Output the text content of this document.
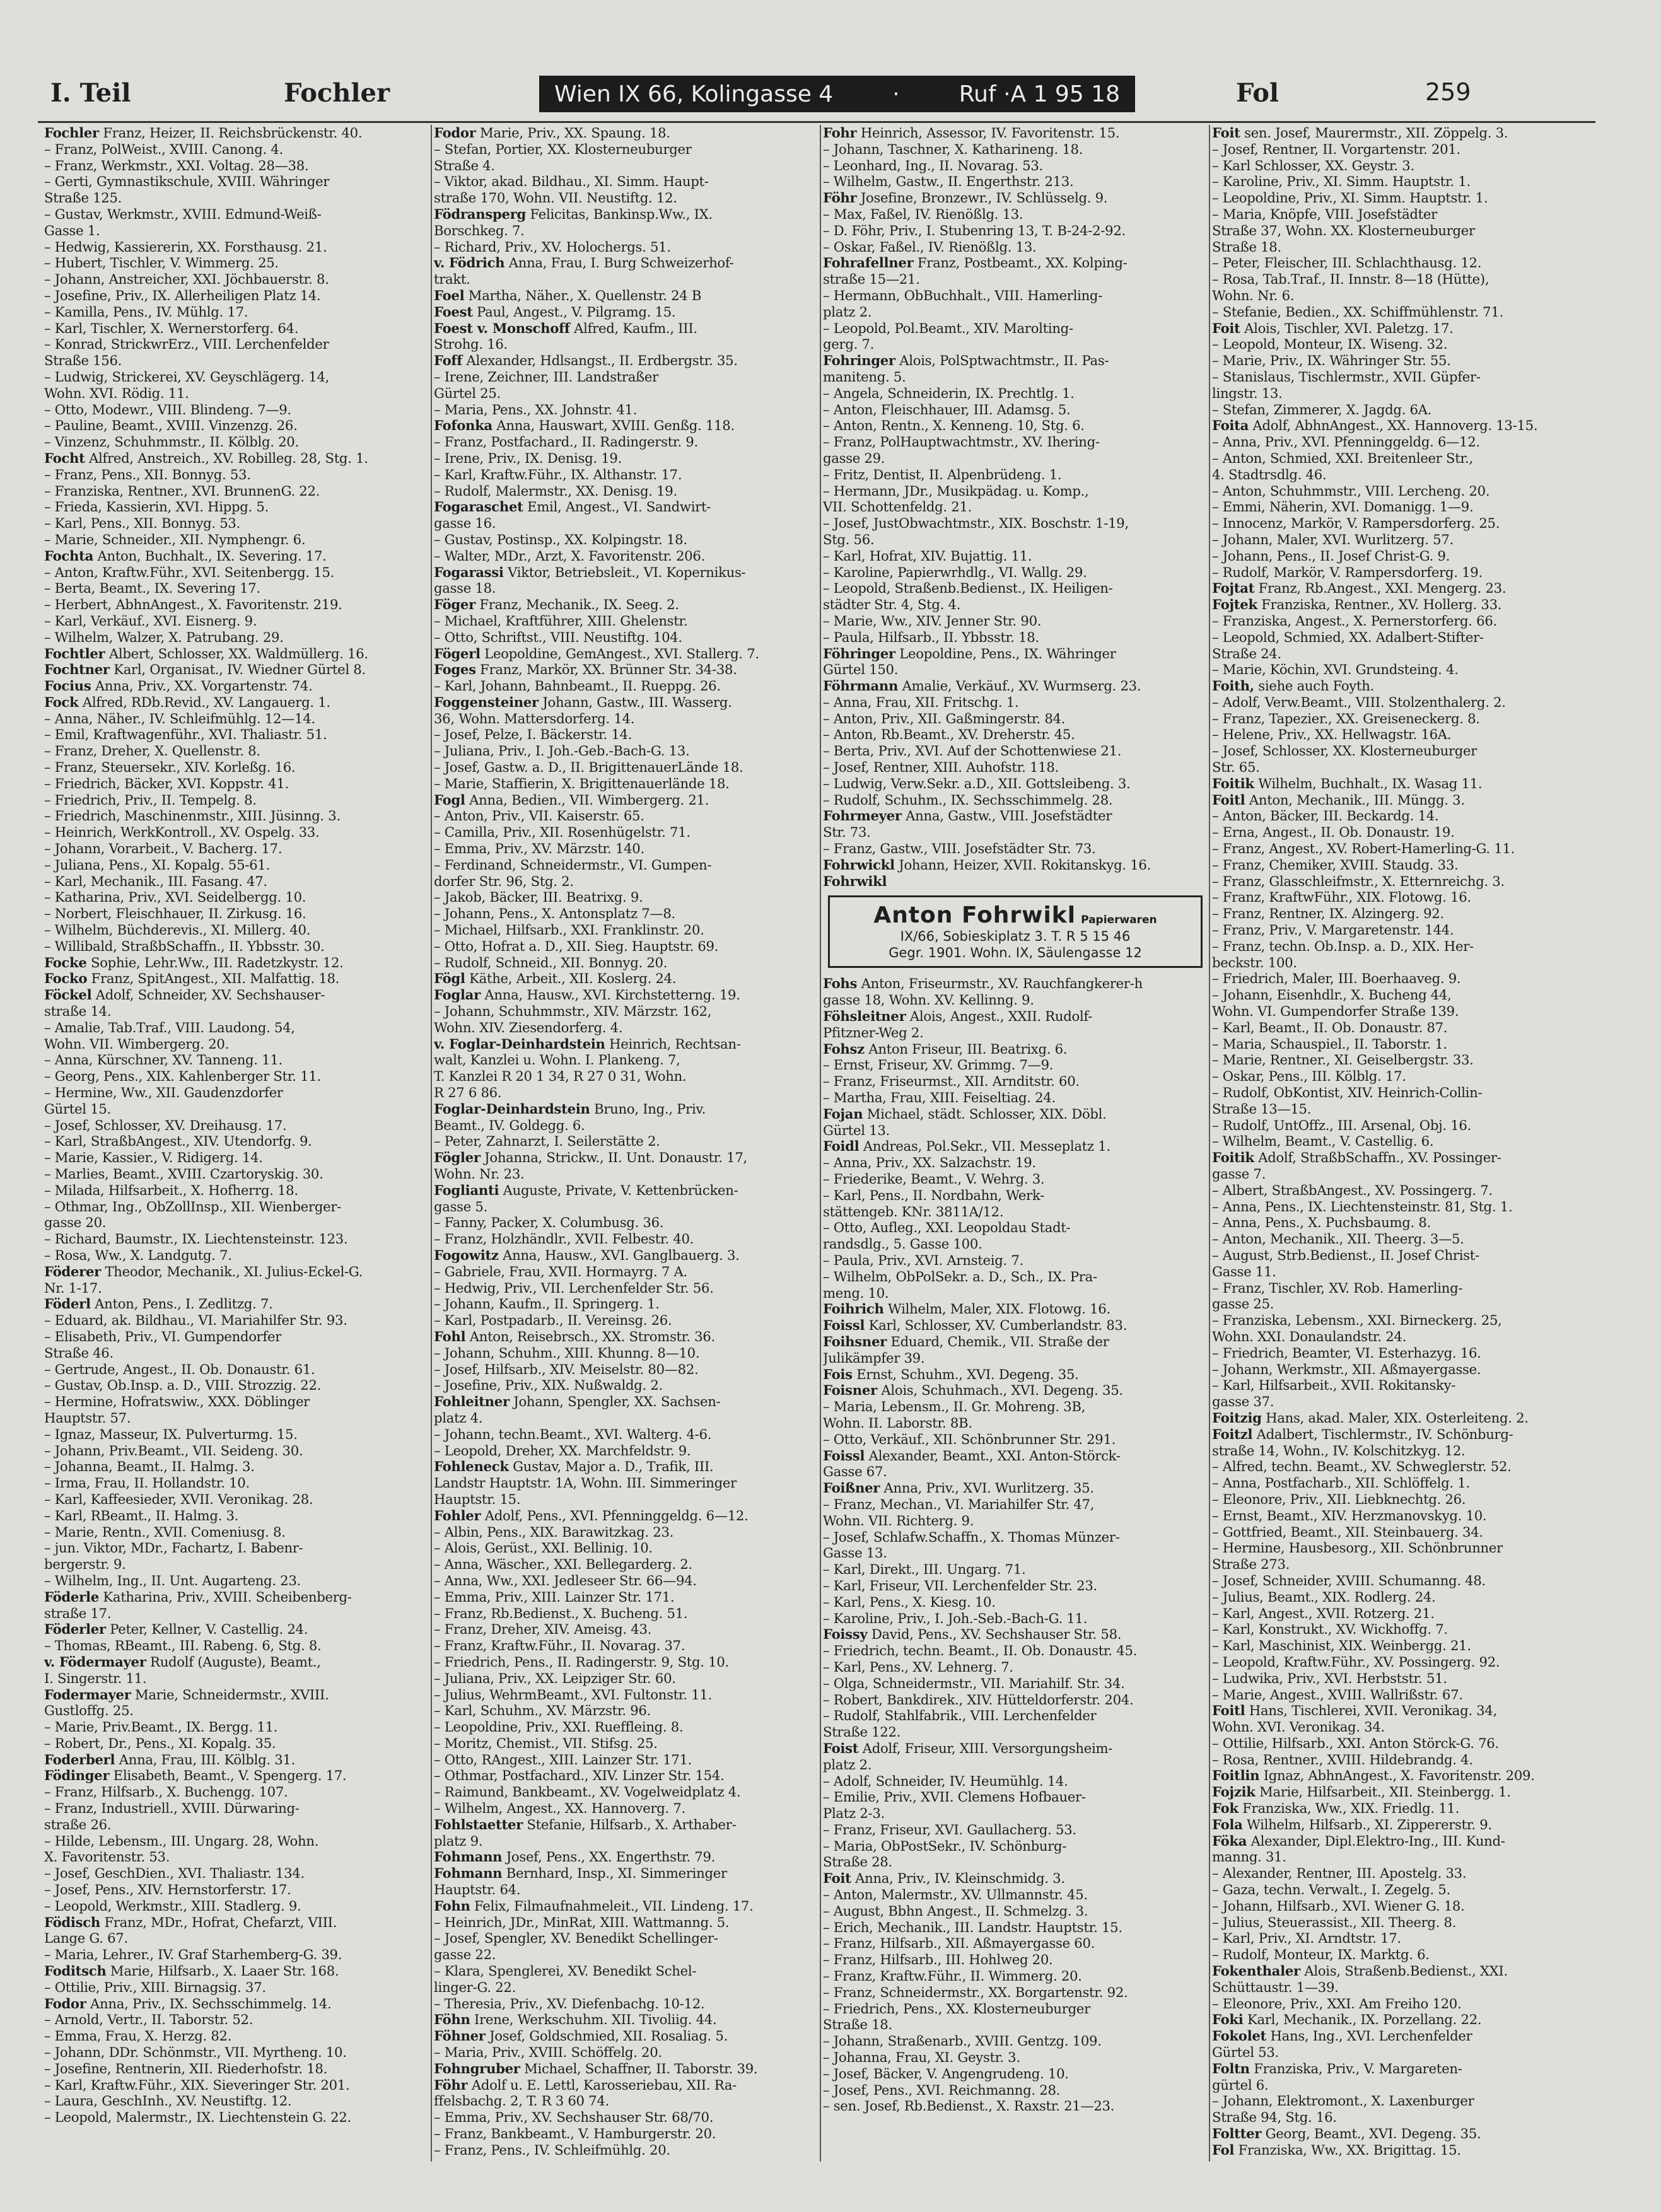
I. Teil	Fochler	Wien IX 66, Kolingasse 4	·	Ruf ·A 1 95 18	Fol	259
Fochler Franz, Heizer, II. Reichsbrückenstr. 40.
– Franz, PolWeist., XVIII. Canong. 4.
– Franz, Werkmstr., XXI. Voltag. 28—38.
– Gerti, Gymnastikschule, XVIII. Währinger
Straße 125.
– Gustav, Werkmstr., XVIII. Edmund-Weiß-
Gasse 1.
– Hedwig, Kassiererin, XX. Forsthausg. 21.
– Hubert, Tischler, V. Wimmerg. 25.
– Johann, Anstreicher, XXI. Jöchbauerstr. 8.
– Josefine, Priv., IX. Allerheiligen Platz 14.
– Kamilla, Pens., IV. Mühlg. 17.
– Karl, Tischler, X. Wernerstorferg. 64.
– Konrad, StrickwrErz., VIII. Lerchenfelder
Straße 156.
– Ludwig, Strickerei, XV. Geyschlägerg. 14,
Wohn. XVI. Rödig. 11.
– Otto, Modewr., VIII. Blindeng. 7—9.
– Pauline, Beamt., XVIII. Vinzenzg. 26.
– Vinzenz, Schuhmmstr., II. Kölblg. 20.
Focht Alfred, Anstreich., XV. Robilleg. 28, Stg. 1.
– Franz, Pens., XII. Bonnyg. 53.
– Franziska, Rentner., XVI. BrunnenG. 22.
– Frieda, Kassierin, XVI. Hippg. 5.
– Karl, Pens., XII. Bonnyg. 53.
– Marie, Schneider., XII. Nymphengr. 6.
Fochta Anton, Buchhalt., IX. Severing. 17.
– Anton, Kraftw.Führ., XVI. Seitenbergg. 15.
– Berta, Beamt., IX. Severing 17.
– Herbert, AbhnAngest., X. Favoritenstr. 219.
– Karl, Verkäuf., XVI. Eisnerg. 9.
– Wilhelm, Walzer, X. Patrubang. 29.
Fochtler Albert, Schlosser, XX. Waldmüllerg. 16.
Fochtner Karl, Organisat., IV. Wiedner Gürtel 8.
Focius Anna, Priv., XX. Vorgartenstr. 74.
Fock Alfred, RDb.Revid., XV. Langauerg. 1.
– Anna, Näher., IV. Schleifmühlg. 12—14.
– Emil, Kraftwagenführ., XVI. Thaliastr. 51.
– Franz, Dreher, X. Quellenstr. 8.
– Franz, Steuersekr., XIV. Korleßg. 16.
– Friedrich, Bäcker, XVI. Koppstr. 41.
– Friedrich, Priv., II. Tempelg. 8.
– Friedrich, Maschinenmstr., XIII. Jüsinng. 3.
– Heinrich, WerkKontroll., XV. Ospelg. 33.
– Johann, Vorarbeit., V. Bacherg. 17.
– Juliana, Pens., XI. Kopalg. 55-61.
– Karl, Mechanik., III. Fasang. 47.
– Katharina, Priv., XVI. Seidelbergg. 10.
– Norbert, Fleischhauer, II. Zirkusg. 16.
– Wilhelm, Büchderevis., XI. Millerg. 40.
– Willibald, StraßbSchaffn., II. Ybbsstr. 30.
Focke Sophie, Lehr.Ww., III. Radetzkystr. 12.
Focko Franz, SpitAngest., XII. Malfattig. 18.
Föckel Adolf, Schneider, XV. Sechshauser-
straße 14.
– Amalie, Tab.Traf., VIII. Laudong. 54,
Wohn. VII. Wimbergerg. 20.
– Anna, Kürschner, XV. Tanneng. 11.
– Georg, Pens., XIX. Kahlenberger Str. 11.
– Hermine, Ww., XII. Gaudenzdorfer
Gürtel 15.
– Josef, Schlosser, XV. Dreihausg. 17.
– Karl, StraßbAngest., XIV. Utendorfg. 9.
– Marie, Kassier., V. Ridigerg. 14.
– Marlies, Beamt., XVIII. Czartoryskig. 30.
– Milada, Hilfsarbeit., X. Hofherrg. 18.
– Othmar, Ing., ObZollInsp., XII. Wienberger-
gasse 20.
– Richard, Baumstr., IX. Liechtensteinstr. 123.
– Rosa, Ww., X. Landgutg. 7.
Föderer Theodor, Mechanik., XI. Julius-Eckel-G.
Nr. 1-17.
Föderl Anton, Pens., I. Zedlitzg. 7.
– Eduard, ak. Bildhau., VI. Mariahilfer Str. 93.
– Elisabeth, Priv., VI. Gumpendorfer
Straße 46.
– Gertrude, Angest., II. Ob. Donaustr. 61.
– Gustav, Ob.Insp. a. D., VIII. Strozzig. 22.
– Hermine, Hofratswiw., XXX. Döblinger
Hauptstr. 57.
– Ignaz, Masseur, IX. Pulverturmg. 15.
– Johann, Priv.Beamt., VII. Seideng. 30.
– Johanna, Beamt., II. Halmg. 3.
– Irma, Frau, II. Hollandstr. 10.
– Karl, Kaffeesieder, XVII. Veronikag. 28.
– Karl, RBeamt., II. Halmg. 3.
– Marie, Rentn., XVII. Comeniusg. 8.
– jun. Viktor, MDr., Fachartz, I. Babenr-
bergerstr. 9.
– Wilhelm, Ing., II. Unt. Augarteng. 23.
Föderle Katharina, Priv., XVIII. Scheibenberg-
straße 17.
Föderler Peter, Kellner, V. Castellig. 24.
– Thomas, RBeamt., III. Rabeng. 6, Stg. 8.
v. Födermayer Rudolf (Auguste), Beamt.,
I. Singerstr. 11.
Fodermayer Marie, Schneidermstr., XVIII.
Gustloffg. 25.
– Marie, Priv.Beamt., IX. Bergg. 11.
– Robert, Dr., Pens., XI. Kopalg. 35.
Foderberl Anna, Frau, III. Kölblg. 31.
Födinger Elisabeth, Beamt., V. Spengerg. 17.
– Franz, Hilfsarb., X. Buchengg. 107.
– Franz, Industriell., XVIII. Dürwaring-
straße 26.
– Hilde, Lebensm., III. Ungarg. 28, Wohn.
X. Favoritenstr. 53.
– Josef, GeschDien., XVI. Thaliastr. 134.
– Josef, Pens., XIV. Hernstorferstr. 17.
– Leopold, Werkmstr., XIII. Stadlerg. 9.
Födisch Franz, MDr., Hofrat, Chefarzt, VIII.
Lange G. 67.
– Maria, Lehrer., IV. Graf Starhemberg-G. 39.
Foditsch Marie, Hilfsarb., X. Laaer Str. 168.
– Ottilie, Priv., XIII. Birnagsig. 37.
Fodor Anna, Priv., IX. Sechsschimmelg. 14.
– Arnold, Vertr., II. Taborstr. 52.
– Emma, Frau, X. Herzg. 82.
– Johann, DDr. Schönmstr., VII. Myrtheng. 10.
– Josefine, Rentnerin, XII. Riederhofstr. 18.
– Karl, Kraftw.Führ., XIX. Sieveringer Str. 201.
– Laura, GeschInh., XV. Neustiftg. 12.
– Leopold, Malermstr., IX. Liechtenstein G. 22.
Fodor Marie, Priv., XX. Spaung. 18.
– Stefan, Portier, XX. Klosterneuburger
Straße 4.
– Viktor, akad. Bildhau., XI. Simm. Haupt-
straße 170, Wohn. VII. Neustiftg. 12.
Födransperg Felicitas, Bankinsp.Ww., IX.
Borschkeg. 7.
– Richard, Priv., XV. Holochergs. 51.
v. Födrich Anna, Frau, I. Burg Schweizerhof-
trakt.
Foel Martha, Näher., X. Quellenstr. 24 B
Foest Paul, Angest., V. Pilgramg. 15.
Foest v. Monschoff Alfred, Kaufm., III.
Strohg. 16.
Foff Alexander, Hdlsangst., II. Erdbergstr. 35.
– Irene, Zeichner, III. Landstraßer
Gürtel 25.
– Maria, Pens., XX. Johnstr. 41.
Fofonka Anna, Hauswart, XVIII. Genßg. 118.
– Franz, Postfachard., II. Radingerstr. 9.
– Irene, Priv., IX. Denisg. 19.
– Karl, Kraftw.Führ., IX. Althanstr. 17.
– Rudolf, Malermstr., XX. Denisg. 19.
Fogaraschet Emil, Angest., VI. Sandwirt-
gasse 16.
– Gustav, Postinsp., XX. Kolpingstr. 18.
– Walter, MDr., Arzt, X. Favoritenstr. 206.
Fogarassi Viktor, Betriebsleit., VI. Kopernikus-
gasse 18.
Föger Franz, Mechanik., IX. Seeg. 2.
– Michael, Kraftführer, XIII. Ghelenstr.
– Otto, Schriftst., VIII. Neustiftg. 104.
Fögerl Leopoldine, GemAngest., XVI. Stallerg. 7.
Foges Franz, Markör, XX. Brünner Str. 34-38.
– Karl, Johann, Bahnbeamt., II. Rueppg. 26.
Foggensteiner Johann, Gastw., III. Wasserg.
36, Wohn. Mattersdorferg. 14.
– Josef, Pelze, I. Bäckerstr. 14.
– Juliana, Priv., I. Joh.-Geb.-Bach-G. 13.
– Josef, Gastw. a. D., II. BrigittenauerLände 18.
– Marie, Staffierin, X. Brigittenauerlände 18.
Fogl Anna, Bedien., VII. Wimbergerg. 21.
– Anton, Priv., VII. Kaiserstr. 65.
– Camilla, Priv., XII. Rosenhügelstr. 71.
– Emma, Priv., XV. Märzstr. 140.
– Ferdinand, Schneidermstr., VI. Gumpen-
dorfer Str. 96, Stg. 2.
– Jakob, Bäcker, III. Beatrixg. 9.
– Johann, Pens., X. Antonsplatz 7—8.
– Michael, Hilfsarb., XXI. Franklinstr. 20.
– Otto, Hofrat a. D., XII. Sieg. Hauptstr. 69.
– Rudolf, Schneid., XII. Bonnyg. 20.
Fögl Käthe, Arbeit., XII. Koslerg. 24.
Foglar Anna, Hausw., XVI. Kirchstetterng. 19.
– Johann, Schuhmmstr., XIV. Märzstr. 162,
Wohn. XIV. Ziesendorferg. 4.
v. Foglar-Deinhardstein Heinrich, Rechtsan-
walt, Kanzlei u. Wohn. I. Plankeng. 7,
T. Kanzlei R 20 1 34, R 27 0 31, Wohn.
R 27 6 86.
Foglar-Deinhardstein Bruno, Ing., Priv.
Beamt., IV. Goldegg. 6.
– Peter, Zahnarzt, I. Seilerstätte 2.
Fögler Johanna, Strickw., II. Unt. Donaustr. 17,
Wohn. Nr. 23.
Foglianti Auguste, Private, V. Kettenbrücken-
gasse 5.
– Fanny, Packer, X. Columbusg. 36.
– Franz, Holzhändlr., XVII. Felbestr. 40.
Fogowitz Anna, Hausw., XVI. Ganglbauerg. 3.
– Gabriele, Frau, XVII. Hormayrg. 7 A.
– Hedwig, Priv., VII. Lerchenfelder Str. 56.
– Johann, Kaufm., II. Springerg. 1.
– Karl, Postpadarb., II. Vereinsg. 26.
Fohl Anton, Reisebrsch., XX. Stromstr. 36.
– Johann, Schuhm., XIII. Khunng. 8—10.
– Josef, Hilfsarb., XIV. Meiselstr. 80—82.
– Josefine, Priv., XIX. Nußwaldg. 2.
Fohleitner Johann, Spengler, XX. Sachsen-
platz 4.
– Johann, techn.Beamt., XVI. Walterg. 4-6.
– Leopold, Dreher, XX. Marchfeldstr. 9.
Fohleneck Gustav, Major a. D., Trafik, III.
Landstr Hauptstr. 1A, Wohn. III. Simmeringer
Hauptstr. 15.
Fohler Adolf, Pens., XVI. Pfenninggeldg. 6—12.
– Albin, Pens., XIX. Barawitzkag. 23.
– Alois, Gerüst., XXI. Bellinig. 10.
– Anna, Wäscher., XXI. Bellegarderg. 2.
– Anna, Ww., XXI. Jedleseer Str. 66—94.
– Emma, Priv., XIII. Lainzer Str. 171.
– Franz, Rb.Bedienst., X. Bucheng. 51.
– Franz, Dreher, XIV. Ameisg. 43.
– Franz, Kraftw.Führ., II. Novarag. 37.
– Friedrich, Pens., II. Radingerstr. 9, Stg. 10.
– Juliana, Priv., XX. Leipziger Str. 60.
– Julius, WehrmBeamt., XVI. Fultonstr. 11.
– Karl, Schuhm., XV. Märzstr. 96.
– Leopoldine, Priv., XXI. Rueffleing. 8.
– Moritz, Chemist., VII. Stifsg. 25.
– Otto, RAngest., XIII. Lainzer Str. 171.
– Othmar, Postfachard., XIV. Linzer Str. 154.
– Raimund, Bankbeamt., XV. Vogelweidplatz 4.
– Wilhelm, Angest., XX. Hannoverg. 7.
Fohlstaetter Stefanie, Hilfsarb., X. Arthaber-
platz 9.
Fohmann Josef, Pens., XX. Engerthstr. 79.
Fohmann Bernhard, Insp., XI. Simmeringer
Hauptstr. 64.
Fohn Felix, Filmaufnahmeleit., VII. Lindeng. 17.
– Heinrich, JDr., MinRat, XIII. Wattmanng. 5.
– Josef, Spengler, XV. Benedikt Schellinger-
gasse 22.
– Klara, Spenglerei, XV. Benedikt Schel-
linger-G. 22.
– Theresia, Priv., XV. Diefenbachg. 10-12.
Föhn Irene, Werkschuhm. XII. Tivoliig. 44.
Föhner Josef, Goldschmied, XII. Rosaliag. 5.
– Maria, Priv., XVIII. Schöffelg. 20.
Fohngruber Michael, Schaffner, II. Taborstr. 39.
Föhr Adolf u. E. Lettl, Karosseriebau, XII. Ra-
ffelsbachg. 2, T. R 3 60 74.
– Emma, Priv., XV. Sechshauser Str. 68/70.
– Franz, Bankbeamt., V. Hamburgerstr. 20.
– Franz, Pens., IV. Schleifmühlg. 20.
Fohr Heinrich, Assessor, IV. Favoritenstr. 15.
– Johann, Taschner, X. Katharineng. 18.
– Leonhard, Ing., II. Novarag. 53.
– Wilhelm, Gastw., II. Engerthstr. 213.
Föhr Josefine, Bronzewr., IV. Schlüsselg. 9.
– Max, Faßel, IV. Rienößlg. 13.
– D. Föhr, Priv., I. Stubenring 13, T. B-24-2-92.
– Oskar, Faßel., IV. Rienößlg. 13.
Fohrafellner Franz, Postbeamt., XX. Kolping-
straße 15—21.
– Hermann, ObBuchhalt., VIII. Hamerling-
platz 2.
– Leopold, Pol.Beamt., XIV. Marolting-
gerg. 7.
Fohringer Alois, PolSptwachtmstr., II. Pas-
maniteng. 5.
– Angela, Schneiderin, IX. Prechtlg. 1.
– Anton, Fleischhauer, III. Adamsg. 5.
– Anton, Rentn., X. Kenneng. 10, Stg. 6.
– Franz, PolHauptwachtmstr., XV. Ihering-
gasse 29.
– Fritz, Dentist, II. Alpenbrüdeng. 1.
– Hermann, JDr., Musikpädag. u. Komp.,
VII. Schottenfeldg. 21.
– Josef, JustObwachtmstr., XIX. Boschstr. 1-19,
Stg. 56.
– Karl, Hofrat, XIV. Bujattig. 11.
– Karoline, Papierwrhdlg., VI. Wallg. 29.
– Leopold, Straßenb.Bedienst., IX. Heiligen-
städter Str. 4, Stg. 4.
– Marie, Ww., XIV. Jenner Str. 90.
– Paula, Hilfsarb., II. Ybbsstr. 18.
Föhringer Leopoldine, Pens., IX. Währinger
Gürtel 150.
Föhrmann Amalie, Verkäuf., XV. Wurmserg. 23.
– Anna, Frau, XII. Fritschg. 1.
– Anton, Priv., XII. Gaßmingerstr. 84.
– Anton, Rb.Beamt., XV. Dreherstr. 45.
– Berta, Priv., XVI. Auf der Schottenwiese 21.
– Josef, Rentner, XIII. Auhofstr. 118.
– Ludwig, Verw.Sekr. a.D., XII. Gottsleibeng. 3.
– Rudolf, Schuhm., IX. Sechsschimmelg. 28.
Fohrmeyer Anna, Gastw., VIII. Josefstädter
Str. 73.
– Franz, Gastw., VIII. Josefstädter Str. 73.
Fohrwickl Johann, Heizer, XVII. Rokitanskyg. 16.
Fohrwikl
Anton Fohrwikl Papierwaren
IX/66, Sobieskiplatz 3. T. R 5 15 46
Gegr. 1901. Wohn. IX, Säulengasse 12
Fohs Anton, Friseurmstr., XV. Rauchfangkerer-h
gasse 18, Wohn. XV. Kellinng. 9.
Föhsleitner Alois, Angest., XXII. Rudolf-
Pfitzner-Weg 2.
Fohsz Anton Friseur, III. Beatrixg. 6.
– Ernst, Friseur, XV. Grimmg. 7—9.
– Franz, Friseurmst., XII. Arnditstr. 60.
– Martha, Frau, XIII. Feiseltiag. 24.
Fojan Michael, städt. Schlosser, XIX. Döbl.
Gürtel 13.
Foidl Andreas, Pol.Sekr., VII. Messeplatz 1.
– Anna, Priv., XX. Salzachstr. 19.
– Friederike, Beamt., V. Wehrg. 3.
– Karl, Pens., II. Nordbahn, Werk-
stättengeb. KNr. 3811A/12.
– Otto, Aufleg., XXI. Leopoldau Stadt-
randsdlg., 5. Gasse 100.
– Paula, Priv., XVI. Arnsteig. 7.
– Wilhelm, ObPolSekr. a. D., Sch., IX. Pra-
meng. 10.
Foihrich Wilhelm, Maler, XIX. Flotowg. 16.
Foissl Karl, Schlosser, XV. Cumberlandstr. 83.
Foihsner Eduard, Chemik., VII. Straße der
Julikämpfer 39.
Fois Ernst, Schuhm., XVI. Degeng. 35.
Foisner Alois, Schuhmach., XVI. Degeng. 35.
– Maria, Lebensm., II. Gr. Mohreng. 3B,
Wohn. II. Laborstr. 8B.
– Otto, Verkäuf., XII. Schönbrunner Str. 291.
Foissl Alexander, Beamt., XXI. Anton-Störck-
Gasse 67.
Foißner Anna, Priv., XVI. Wurlitzerg. 35.
– Franz, Mechan., VI. Mariahilfer Str. 47,
Wohn. VII. Richterg. 9.
– Josef, Schlafw.Schaffn., X. Thomas Münzer-
Gasse 13.
– Karl, Direkt., III. Ungarg. 71.
– Karl, Friseur, VII. Lerchenfelder Str. 23.
– Karl, Pens., X. Kiesg. 10.
– Karoline, Priv., I. Joh.-Seb.-Bach-G. 11.
Foissy David, Pens., XV. Sechshauser Str. 58.
– Friedrich, techn. Beamt., II. Ob. Donaustr. 45.
– Karl, Pens., XV. Lehnerg. 7.
– Olga, Schneidermstr., VII. Mariahilf. Str. 34.
– Robert, Bankdirek., XIV. Hütteldorferstr. 204.
– Rudolf, Stahlfabrik., VIII. Lerchenfelder
Straße 122.
Foist Adolf, Friseur, XIII. Versorgungsheim-
platz 2.
– Adolf, Schneider, IV. Heumühlg. 14.
– Emilie, Priv., XVII. Clemens Hofbauer-
Platz 2-3.
– Franz, Friseur, XVI. Gaullacherg. 53.
– Maria, ObPostSekr., IV. Schönburg-
Straße 28.
Foit Anna, Priv., IV. Kleinschmidg. 3.
– Anton, Malermstr., XV. Ullmannstr. 45.
– August, Bbhn Angest., II. Schmelzg. 3.
– Erich, Mechanik., III. Landstr. Hauptstr. 15.
– Franz, Hilfsarb., XII. Aßmayergasse 60.
– Franz, Hilfsarb., III. Hohlweg 20.
– Franz, Kraftw.Führ., II. Wimmerg. 20.
– Franz, Schneidermstr., XX. Borgartenstr. 92.
– Friedrich, Pens., XX. Klosterneuburger
Straße 18.
– Johann, Straßenarb., XVIII. Gentzg. 109.
– Johanna, Frau, XI. Geystr. 3.
– Josef, Bäcker, V. Angengrudeng. 10.
– Josef, Pens., XVI. Reichmanng. 28.
– sen. Josef, Rb.Bedienst., X. Raxstr. 21—23.
Foit sen. Josef, Maurermstr., XII. Zöppelg. 3.
– Josef, Rentner, II. Vorgartenstr. 201.
– Karl Schlosser, XX. Geystr. 3.
– Karoline, Priv., XI. Simm. Hauptstr. 1.
– Leopoldine, Priv., XI. Simm. Hauptstr. 1.
– Maria, Knöpfe, VIII. Josefstädter
Straße 37, Wohn. XX. Klosterneuburger
Straße 18.
– Peter, Fleischer, III. Schlachthausg. 12.
– Rosa, Tab.Traf., II. Innstr. 8—18 (Hütte),
Wohn. Nr. 6.
– Stefanie, Bedien., XX. Schiffmühlenstr. 71.
Foit Alois, Tischler, XVI. Paletzg. 17.
– Leopold, Monteur, IX. Wiseng. 32.
– Marie, Priv., IX. Währinger Str. 55.
– Stanislaus, Tischlermstr., XVII. Güpfer-
lingstr. 13.
– Stefan, Zimmerer, X. Jagdg. 6A.
Foita Adolf, AbhnAngest., XX. Hannoverg. 13-15.
– Anna, Priv., XVI. Pfenninggeldg. 6—12.
– Anton, Schmied, XXI. Breitenleer Str.,
4. Stadtrsdlg. 46.
– Anton, Schuhmmstr., VIII. Lercheng. 20.
– Emmi, Näherin, XVI. Domanigg. 1—9.
– Innocenz, Markör, V. Rampersdorferg. 25.
– Johann, Maler, XVI. Wurlitzerg. 57.
– Johann, Pens., II. Josef Christ-G. 9.
– Rudolf, Markör, V. Rampersdorferg. 19.
Fojtat Franz, Rb.Angest., XXI. Mengerg. 23.
Fojtek Franziska, Rentner., XV. Hollerg. 33.
– Franziska, Angest., X. Pernerstorferg. 66.
– Leopold, Schmied, XX. Adalbert-Stifter-
Straße 24.
– Marie, Köchin, XVI. Grundsteing. 4.
Foith, siehe auch Foyth.
– Adolf, Verw.Beamt., VIII. Stolzenthalerg. 2.
– Franz, Tapezier., XX. Greiseneckerg. 8.
– Helene, Priv., XX. Hellwagstr. 16A.
– Josef, Schlosser, XX. Klosterneuburger
Str. 65.
Foitik Wilhelm, Buchhalt., IX. Wasag 11.
Foitl Anton, Mechanik., III. Müngg. 3.
– Anton, Bäcker, III. Beckardg. 14.
– Erna, Angest., II. Ob. Donaustr. 19.
– Franz, Angest., XV. Robert-Hamerling-G. 11.
– Franz, Chemiker, XVIII. Staudg. 33.
– Franz, Glasschleifmstr., X. Etternreichg. 3.
– Franz, KraftwFühr., XIX. Flotowg. 16.
– Franz, Rentner, IX. Alzingerg. 92.
– Franz, Priv., V. Margaretenstr. 144.
– Franz, techn. Ob.Insp. a. D., XIX. Her-
beckstr. 100.
– Friedrich, Maler, III. Boerhaaveg. 9.
– Johann, Eisenhdlr., X. Bucheng 44,
Wohn. VI. Gumpendorfer Straße 139.
– Karl, Beamt., II. Ob. Donaustr. 87.
– Maria, Schauspiel., II. Taborstr. 1.
– Marie, Rentner., XI. Geiselbergstr. 33.
– Oskar, Pens., III. Kölblg. 17.
– Rudolf, ObKontist, XIV. Heinrich-Collin-
Straße 13—15.
– Rudolf, UntOffz., III. Arsenal, Obj. 16.
– Wilhelm, Beamt., V. Castellig. 6.
Foitik Adolf, StraßbSchaffn., XV. Possinger-
gasse 7.
– Albert, StraßbAngest., XV. Possingerg. 7.
– Anna, Pens., IX. Liechtensteinstr. 81, Stg. 1.
– Anna, Pens., X. Puchsbaumg. 8.
– Anton, Mechanik., XII. Theerg. 3—5.
– August, Strb.Bedienst., II. Josef Christ-
Gasse 11.
– Franz, Tischler, XV. Rob. Hamerling-
gasse 25.
– Franziska, Lebensm., XXI. Birneckerg. 25,
Wohn. XXI. Donaulandstr. 24.
– Friedrich, Beamter, VI. Esterhazyg. 16.
– Johann, Werkmstr., XII. Aßmayergasse.
– Karl, Hilfsarbeit., XVII. Rokitansky-
gasse 37.
Foitzig Hans, akad. Maler, XIX. Osterleiteng. 2.
Foitzl Adalbert, Tischlermstr., IV. Schönburg-
straße 14, Wohn., IV. Kolschitzkyg. 12.
– Alfred, techn. Beamt., XV. Schweglerstr. 52.
– Anna, Postfacharb., XII. Schlöffelg. 1.
– Eleonore, Priv., XII. Liebknechtg. 26.
– Ernst, Beamt., XIV. Herzmanovskyg. 10.
– Gottfried, Beamt., XII. Steinbauerg. 34.
– Hermine, Hausbesorg., XII. Schönbrunner
Straße 273.
– Josef, Schneider, XVIII. Schumanng. 48.
– Julius, Beamt., XIX. Rodlerg. 24.
– Karl, Angest., XVII. Rotzerg. 21.
– Karl, Konstrukt., XV. Wickhoffg. 7.
– Karl, Maschinist, XIX. Weinbergg. 21.
– Leopold, Kraftw.Führ., XV. Possingerg. 92.
– Ludwika, Priv., XVI. Herbststr. 51.
– Marie, Angest., XVIII. Wallrißstr. 67.
Foitl Hans, Tischlerei, XVII. Veronikag. 34,
Wohn. XVI. Veronikag. 34.
– Ottilie, Hilfsarb., XXI. Anton Störck-G. 76.
– Rosa, Rentner., XVIII. Hildebrandg. 4.
Foitlin Ignaz, AbhnAngest., X. Favoritenstr. 209.
Fojzik Marie, Hilfsarbeit., XII. Steinbergg. 1.
Fok Franziska, Ww., XIX. Friedlg. 11.
Fola Wilhelm, Hilfsarb., XI. Zippererstr. 9.
Föka Alexander, Dipl.Elektro-Ing., III. Kund-
manng. 31.
– Alexander, Rentner, III. Apostelg. 33.
– Gaza, techn. Verwalt., I. Zegelg. 5.
– Johann, Hilfsarb., XVI. Wiener G. 18.
– Julius, Steuerassist., XII. Theerg. 8.
– Karl, Priv., XI. Arndtstr. 17.
– Rudolf, Monteur, IX. Marktg. 6.
Fokenthaler Alois, Straßenb.Bedienst., XXI.
Schüttaustr. 1—39.
– Eleonore, Priv., XXI. Am Freiho 120.
Foki Karl, Mechanik., IX. Porzellang. 22.
Fokolet Hans, Ing., XVI. Lerchenfelder
Gürtel 53.
Foltn Franziska, Priv., V. Margareten-
gürtel 6.
– Johann, Elektromont., X. Laxenburger
Straße 94, Stg. 16.
Foltter Georg, Beamt., XVI. Degeng. 35.
Fol Franziska, Ww., XX. Brigittag. 15.
